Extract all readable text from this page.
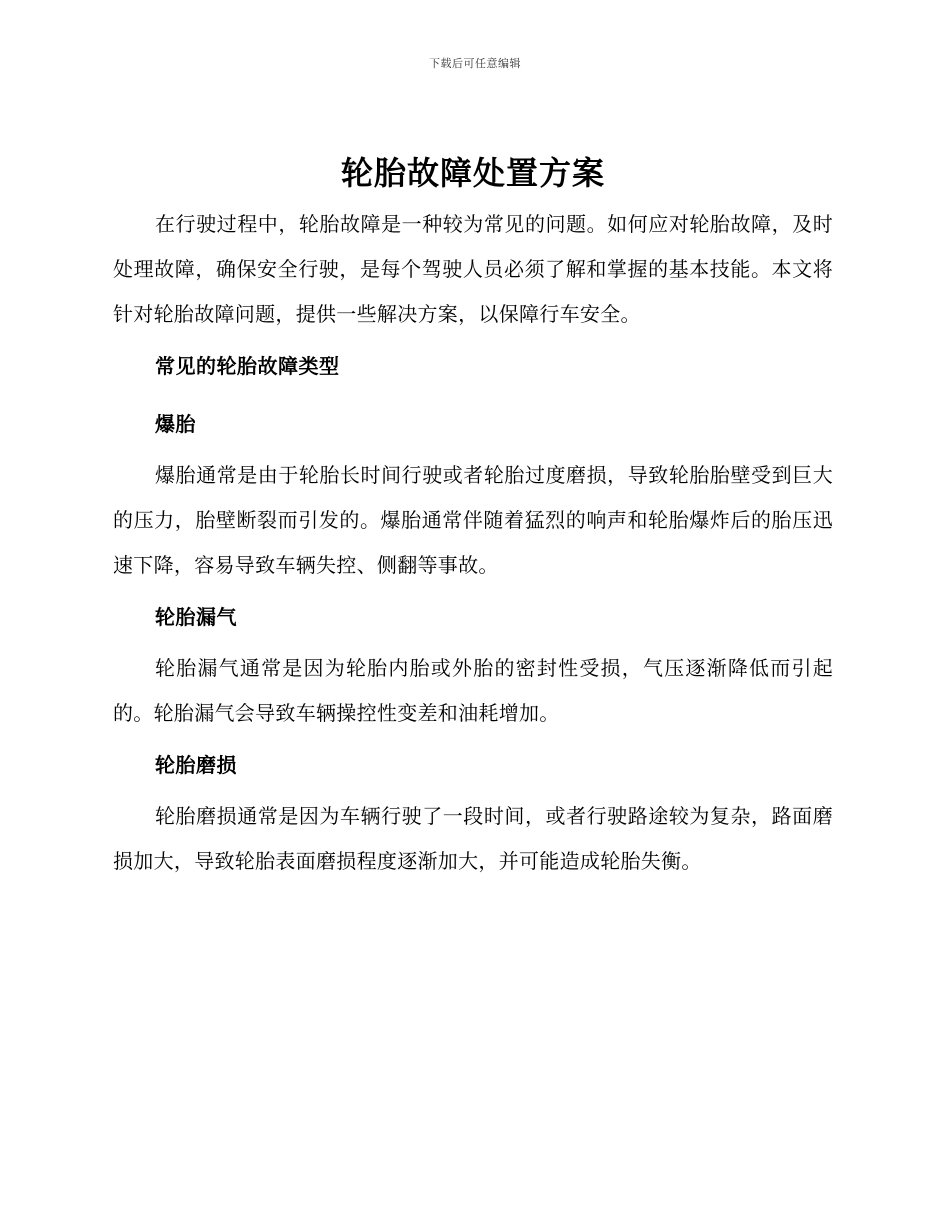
下载后可任意编辑
轮胎故障处置方案

在行驶过程中，轮胎故障是一种较为常见的问题。如何应对轮胎故障，及时处理故障，确保安全行驶，是每个驾驶人员必须了解和掌握的基本技能。本文将针对轮胎故障问题，提供一些解决方案，以保障行车安全。

常见的轮胎故障类型
爆胎

爆胎通常是由于轮胎长时间行驶或者轮胎过度磨损，导致轮胎胎壁受到巨大的压力，胎壁断裂而引发的。爆胎通常伴随着猛烈的响声和轮胎爆炸后的胎压迅速下降，容易导致车辆失控、侧翻等事故。

轮胎漏气

轮胎漏气通常是因为轮胎内胎或外胎的密封性受损，气压逐渐降低而引起的。轮胎漏气会导致车辆操控性变差和油耗增加。

轮胎磨损

轮胎磨损通常是因为车辆行驶了一段时间，或者行驶路途较为复杂，路面磨损加大，导致轮胎表面磨损程度逐渐加大，并可能造成轮胎失衡。
